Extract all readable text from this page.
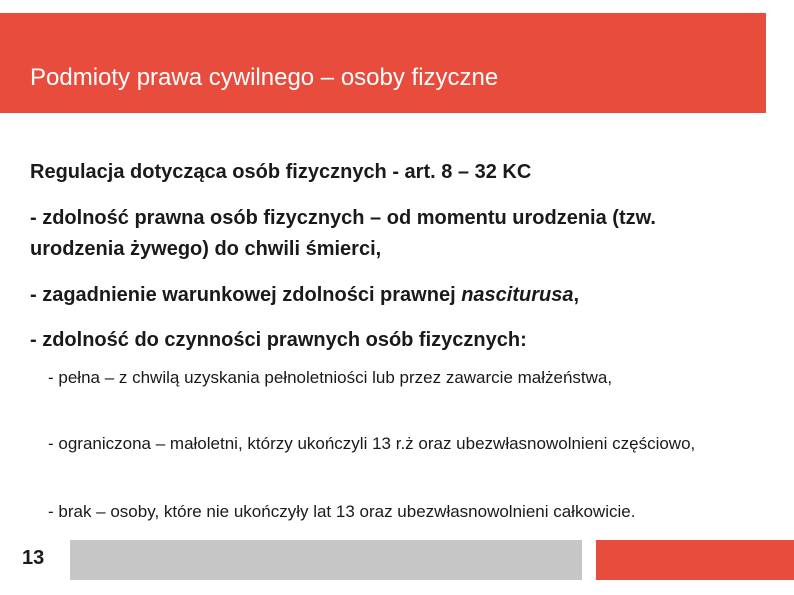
Podmioty prawa cywilnego – osoby fizyczne

Regulacja dotycząca osób fizycznych - art. 8 – 32 KC

- zdolność prawna osób fizycznych – od momentu urodzenia (tzw. urodzenia żywego) do chwili śmierci,

- zagadnienie warunkowej zdolności prawnej nasciturusa,

- zdolność do czynności prawnych osób fizycznych:

- pełna – z chwilą uzyskania pełnoletniości lub przez zawarcie małżeństwa,

- ograniczona – małoletni, którzy ukończyli 13 r.ż oraz ubezwłasnowolnieni częściowo,

- brak – osoby, które nie ukończyły lat 13 oraz ubezwłasnowolnieni całkowicie.

13
